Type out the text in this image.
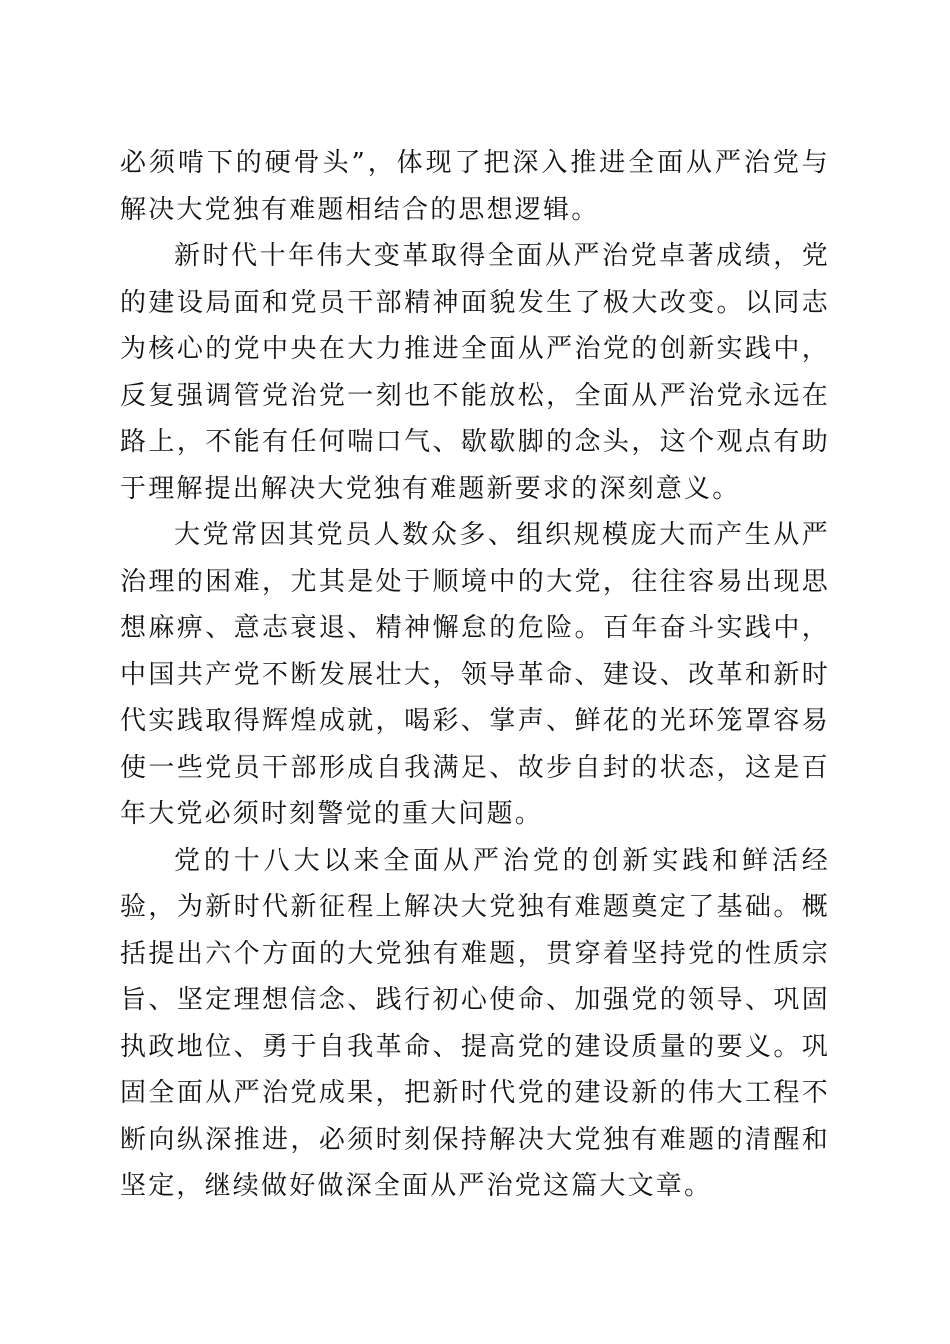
必须啃下的硬骨头”，体现了把深入推进全面从严治党与解决大党独有难题相结合的思想逻辑。

新时代十年伟大变革取得全面从严治党卓著成绩，党的建设局面和党员干部精神面貌发生了极大改变。以同志为核心的党中央在大力推进全面从严治党的创新实践中，反复强调管党治党一刻也不能放松，全面从严治党永远在路上，不能有任何喘口气、歇歇脚的念头，这个观点有助于理解提出解决大党独有难题新要求的深刻意义。

大党常因其党员人数众多、组织规模庞大而产生从严治理的困难，尤其是处于顺境中的大党，往往容易出现思想麻痹、意志衰退、精神懈怠的危险。百年奋斗实践中，中国共产党不断发展壮大，领导革命、建设、改革和新时代实践取得辉煌成就，喝彩、掌声、鲜花的光环笼罩容易使一些党员干部形成自我满足、故步自封的状态，这是百年大党必须时刻警觉的重大问题。

党的十八大以来全面从严治党的创新实践和鲜活经验，为新时代新征程上解决大党独有难题奠定了基础。概括提出六个方面的大党独有难题，贯穿着坚持党的性质宗旨、坚定理想信念、践行初心使命、加强党的领导、巩固执政地位、勇于自我革命、提高党的建设质量的要义。巩固全面从严治党成果，把新时代党的建设新的伟大工程不断向纵深推进，必须时刻保持解决大党独有难题的清醒和坚定，继续做好做深全面从严治党这篇大文章。
